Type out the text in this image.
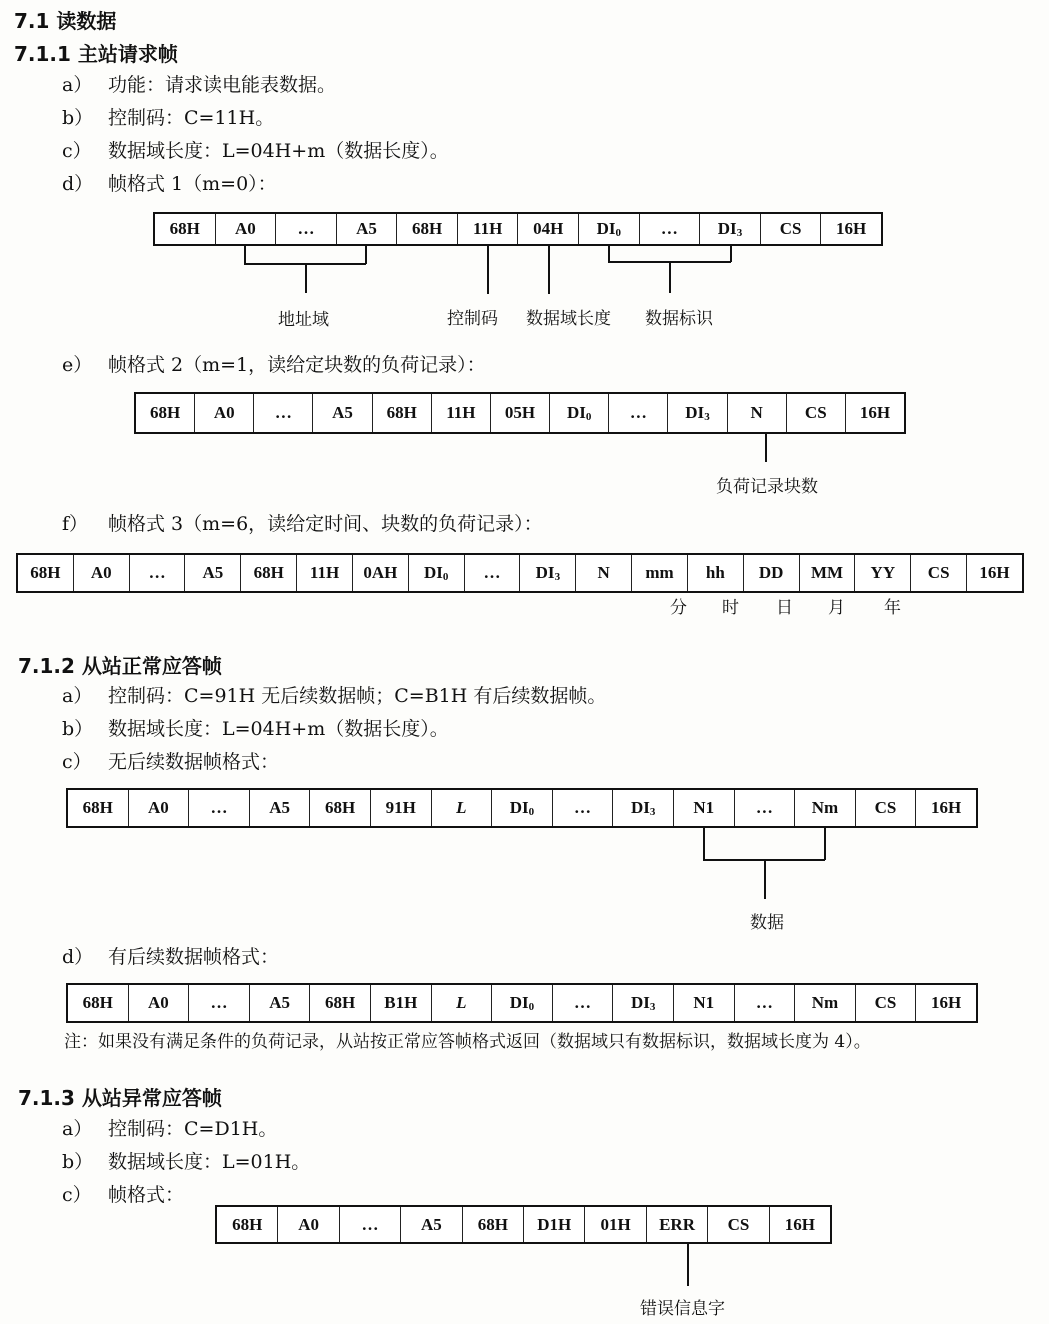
7.1 读数据
7.1.1 主站请求帧
a） 功能：请求读电能表数据。
b） 控制码：C=11H。
c） 数据域长度：L=04H+m（数据长度）。
d） 帧格式 1（m=0）：
68H	A0	…	A5	68H	11H	04H	$DI_0$	…	$DI_3$	CS	16H
地址域	控制码 数据域长度 数据标识
e） 帧格式 2（m=1，读给定块数的负荷记录）：
68H	A0	…	A5	68H	11H	05H	$DI_0$	…	$DI_3$	N	CS	16H
负荷记录块数
f） 帧格式 3（m=6，读给定时间、块数的负荷记录）：
68H	A0	…	A5	68H	11H	0AH	$DI_0$	…	$DI_3$	N	mm	hh	DD	MM	YY	CS	16H
分 时 日 月 年
7.1.2 从站正常应答帧
a） 控制码：C=91H 无后续数据帧；C=B1H 有后续数据帧。
b） 数据域长度：L=04H+m（数据长度）。
c） 无后续数据帧格式：
68H	A0	…	A5	68H	91H	L	$DI_0$	…	$DI_3$	N1	…	Nm	CS	16H
数据
d） 有后续数据帧格式：
68H	A0	…	A5	68H	B1H	L	$DI_0$	…	$DI_3$	N1	…	Nm	CS	16H
注：如果没有满足条件的负荷记录，从站按正常应答帧格式返回（数据域只有数据标识，数据域长度为 4）。
7.1.3 从站异常应答帧
a） 控制码：C=D1H。
b） 数据域长度：L=01H。
c） 帧格式：
68H	A0	…	A5	68H	D1H	01H	ERR	CS	16H
错误信息字
